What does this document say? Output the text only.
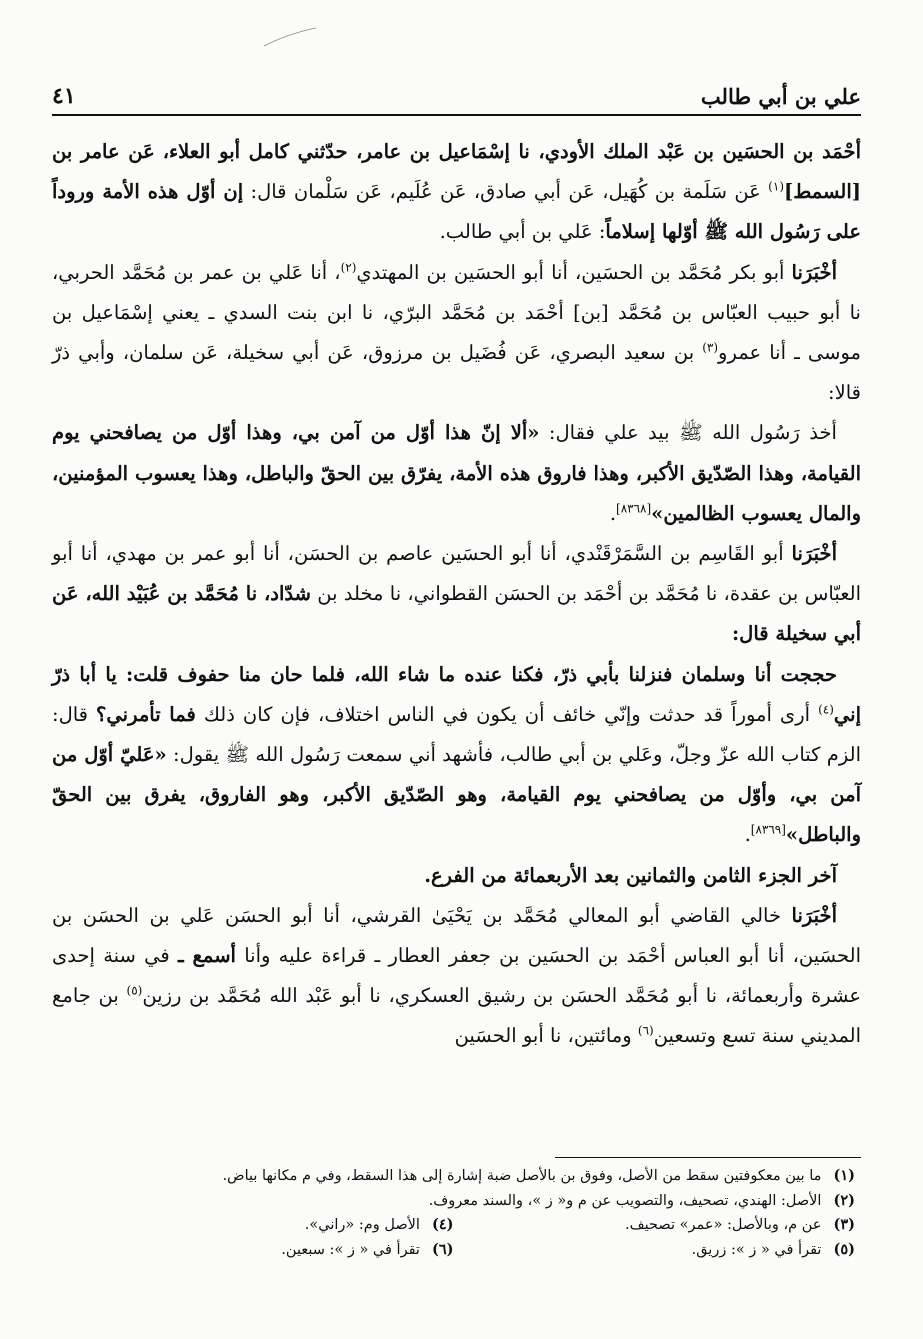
علي بن أبي طالب
٤١

أحْمَد بن الحسَين بن عَبْد الملك الأودي، نا إسْمَاعيل بن عامر، حدّثني كامل أبو العلاء، عَن عامر بن [السمط]$^{(١)}$ عَن سَلَمة بن كُهَيل، عَن أبي صادق، عَن عُلَيم، عَن سَلْمان قال: إن أوّل هذه الأمة وروداً على رَسُول الله ﷺ أوّلها إسلاماً: عَلي بن أبي طالب.

أخْبَرَنا أبو بكر مُحَمَّد بن الحسَين، أنا أبو الحسَين بن المهتدي$^{(٢)}$، أنا عَلي بن عمر بن مُحَمَّد الحربي، نا أبو حبيب العبّاس بن مُحَمَّد [بن] أحْمَد بن مُحَمَّد البرّي، نا ابن بنت السدي ـ يعني إسْمَاعيل بن موسى ـ أنا عمرو$^{(٣)}$ بن سعيد البصري، عَن فُضَيل بن مرزوق، عَن أبي سخيلة، عَن سلمان، وأبي ذرّ قالا:

أخذ رَسُول الله ﷺ بيد علي فقال: «ألا إنّ هذا أوّل من آمن بي، وهذا أوّل من يصافحني يوم القيامة، وهذا الصّدّيق الأكبر، وهذا فاروق هذه الأمة، يفرّق بين الحقّ والباطل، وهذا يعسوب المؤمنين، والمال يعسوب الظالمين»[٨٣٦٨].

أخْبَرَنا أبو القَاسِم بن السَّمَرْقَنْدي، أنا أبو الحسَين عاصم بن الحسَن، أنا أبو عمر بن مهدي، أنا أبو العبّاس بن عقدة، نا مُحَمَّد بن أحْمَد بن الحسَن القطواني، نا مخلد بن شدّاد، نا مُحَمَّد بن عُبَيْد الله، عَن أبي سخيلة قال:

حججت أنا وسلمان فنزلنا بأبي ذرّ، فكنا عنده ما شاء الله، فلما حان منا حفوف قلت: يا أبا ذرّ إني$^{(٤)}$ أرى أموراً قد حدثت وإنّي خائف أن يكون في الناس اختلاف، فإن كان ذلك فما تأمرني؟ قال: الزم كتاب الله عزّ وجلّ، وعَلي بن أبي طالب، فأشهد أني سمعت رَسُول الله ﷺ يقول: «عَليّ أوّل من آمن بي، وأوّل من يصافحني يوم القيامة، وهو الصّدّيق الأكبر، وهو الفاروق، يفرق بين الحقّ والباطل»[٨٣٦٩].

آخر الجزء الثامن والثمانين بعد الأربعمائة من الفرع.

أخْبَرَنا خالي القاضي أبو المعالي مُحَمَّد بن يَحْيَىٰ القرشي، أنا أبو الحسَن عَلي بن الحسَن بن الحسَين، أنا أبو العباس أحْمَد بن الحسَين بن جعفر العطار ـ قراءة عليه وأنا أسمع ـ في سنة إحدى عشرة وأربعمائة، نا أبو مُحَمَّد الحسَن بن رشيق العسكري، نا أبو عَبْد الله مُحَمَّد بن رزين$^{(٥)}$ بن جامع المديني سنة تسع وتسعين$^{(٦)}$ ومائتين، نا أبو الحسَين

(١)ما بين معكوفتين سقط من الأصل، وفوق بن بالأصل ضبة إشارة إلى هذا السقط، وفي م مكانها بياض.
(٢)الأصل: الهندي، تصحيف، والتصويب عن م و« ز »، والسند معروف.
(٣)عن م، وبالأصل: «عمر» تصحيف.
(٤)الأصل وم: «راني».
(٥)تقرأ في « ز »: زريق.
(٦)تقرأ في « ز »: سبعين.
